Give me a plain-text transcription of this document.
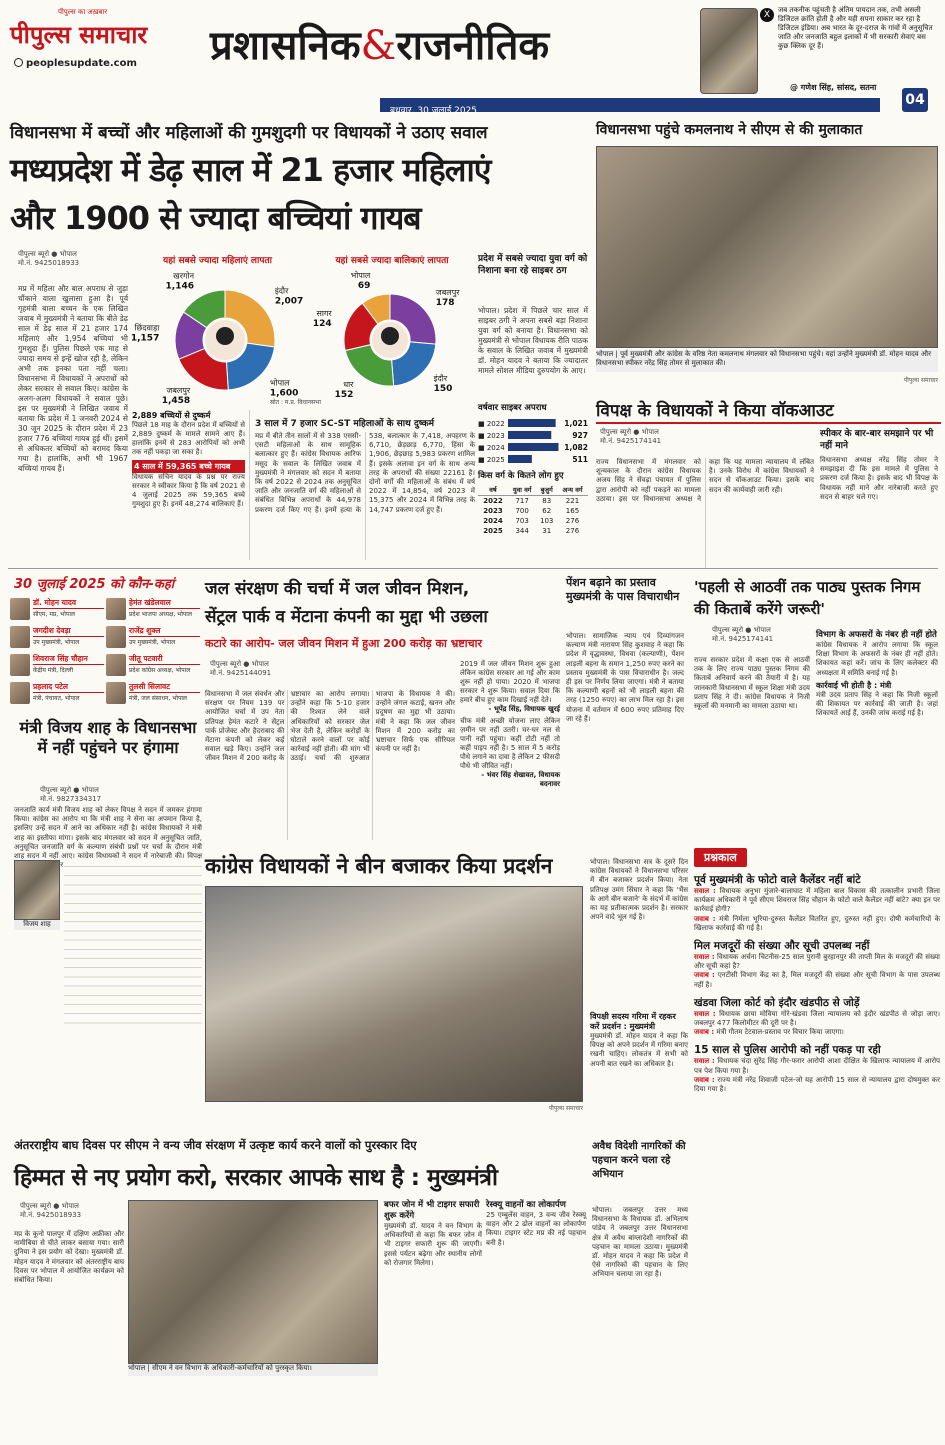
पीपुल्स का अख़बार
पीपुल्स समाचार
peoplesupdate.com प्रशासनिक&राजनीतिक
बुधवार, 30 जुलाई 2025
X	जब तकनीक पहुंचती है अंतिम पायदान तक, तभी असली डिजिटल क्रांति होती है और यही सपना साकार कर रहा है डिजिटल इंडिया। अब भारत के दूर-दराज के गांवों में अनुसूचित जाति और जनजाति बहुल इलाकों में भी सरकारी सेवाएं बस कुछ क्लिक दूर हैं।
@ गणेश सिंह, सांसद, सतना
04
विधानसभा में बच्चों और महिलाओं की गुमशुदगी पर विधायकों ने उठाए सवाल
मध्यप्रदेश में डेढ़ साल में 21 हजार महिलाएं
और 1900 से ज्यादा बच्चियां गायब
पीपुल्स ब्यूरो ● भोपाल
मो.नं. 9425018933
मप्र में महिला और बाल अपराध से जुड़ा चौंकाने वाला खुलासा हुआ है। पूर्व गृहमंत्री बाला बच्चन के एक लिखित जवाब में मुख्यमंत्री ने बताया कि बीते डेढ़ साल में डेढ़ साल में 21 हजार 174 महिलाएं और 1,954 बच्चियां भी गुमशुदा हैं। पुलिस पिछले एक माह से ज्यादा समय से इन्हें खोज रही है, लेकिन अभी तक इनका पता नहीं चला। विधानसभा में विधायकों ने अपराधों को लेकर सरकार से सवाल किए। कांग्रेस के अलग-अलग विधायकों ने सवाल पूछे। इस पर मुख्यमंत्री ने लिखित जवाब में बताया कि प्रदेश में 1 जनवरी 2024 से 30 जून 2025 के दौरान प्रदेश में 23 हजार 776 बच्चियां गायब हुई थीं। इसमें से अधिकतर बच्चियों को बरामद किया गया है। हालांकि, अभी भी 1967 बच्चियां गायब हैं।
यहां सबसे ज्यादा महिलाएं लापता
इंदौर
2,007
भोपाल
1,600
जबलपुर
1,458
छिंदवाड़ा
1,157
खरगोन
1,146
यहां सबसे ज्यादा बालिकाएं लापता
जबलपुर
178
इंदौर
150
धार
152
सागर
124
भोपाल
69
स्रोत : म.प्र. विधानसभा
प्रदेश में सबसे ज्यादा युवा वर्ग को निशाना बना रहे साइबर ठग
भोपाल। प्रदेश में पिछले चार साल में साइबर ठगी ने अपना सबसे बड़ा निशाना युवा वर्ग को बनाया है। विधानसभा को मुख्यमंत्री से भोपाल विधायक रीति पाठक के सवाल के लिखित जवाब में मुख्यमंत्री डॉ. मोहन यादव ने बताया कि ज्यादातर मामले सोशल मीडिया दुरुपयोग के आए।
वर्षवार साइबर अपराध
■ 2022	1,021
■ 2023	927
■ 2024	1,082
■ 2025	511
किस वर्ग के कितने लोग हुए
वर्ष	युवा वर्ग	बुजुर्ग	अन्य वर्ग
2022	717	83	221
2023	700	62	165
2024	703	103	276
2025	344	31	276
2,889 बच्चियों से दुष्कर्म
पिछले 18 माह के दौरान प्रदेश में बच्चियों से 2,889 दुष्कर्म के मामले सामने आए हैं। हालांकि इनमें से 283 आरोपियों को अभी तक नहीं पकड़ा जा सका है।
4 साल में 59,365 बच्चे गायब
विधायक सचिन यादव के प्रश्न पर राज्य सरकार ने स्वीकार किया है कि वर्ष 2021 से 4 जुलाई 2025 तक 59,365 बच्चे गुमशुदा हुए हैं। इनमें 48,274 बालिकाएं हैं।
3 साल में 7 हजार SC-ST महिलाओं के साथ दुष्कर्म
मप्र में बीते तीन सालों में से 338 एससी-एसटी महिलाओं के साथ सामूहिक बलात्कार हुए हैं। कांग्रेस विधायक आरिफ मसूद के सवाल के लिखित जवाब में मुख्यमंत्री ने मंगलवार को सदन में बताया कि वर्ष 2022 से 2024 तक अनुसूचित जाति और जनजाति वर्ग की महिलाओं से संबंधित विभिन्न अपराधों के 44,978 प्रकरण दर्ज किए गए हैं। इनमें हत्या के 538, बलात्कार के 7,418, अपहरण के 6,710, छेड़छाड़ 6,770, हिंसा के 1,906, छेड़छाड़ 5,983 प्रकरण शामिल हैं। इसके अलावा इन वर्ग के साथ अन्य तरह के अपराधों की संख्या 22161 है। दोनों वर्गों की महिलाओं के संबंध में वर्ष 2022 में 14,854, वर्ष 2023 में 15,375 और 2024 में विभिन्न तरह के 14,747 प्रकरण दर्ज हुए हैं।
विधानसभा पहुंचे कमलनाथ ने सीएम से की मुलाकात
भोपाल | पूर्व मुख्यमंत्री और कांग्रेस के वरिष्ठ नेता कमलनाथ मंगलवार को विधानसभा पहुंचे। यहां उन्होंने मुख्यमंत्री डॉ. मोहन यादव और विधानसभा स्पीकर नरेंद्र सिंह तोमर से मुलाकात की।
पीपुल्स समाचार
विपक्ष के विधायकों ने किया वॉकआउट
पीपुल्स ब्यूरो ● भोपाल
मो.नं. 9425174141
राज्य विधानसभा में मंगलवार को शून्यकाल के दौरान कांग्रेस विधायक अजय सिंह ने सेंवढ़ा पंचायत में पुलिस द्वारा आरोपी को नहीं पकड़ने का मामला उठाया। इस पर विधानसभा अध्यक्ष ने कहा कि यह मामला न्यायालय में लंबित है। उनके विरोध में कांग्रेस विधायकों ने सदन से वॉकआउट किया। इसके बाद सदन की कार्यवाही जारी रही।
स्पीकर के बार-बार समझाने पर भी नहीं माने
विधानसभा अध्यक्ष नरेंद्र सिंह तोमर ने समझाइश दी कि इस मामले में पुलिस ने प्रकरण दर्ज किया है। इसके बाद भी विपक्ष के विधायक नहीं माने और नारेबाजी करते हुए सदन से बाहर चले गए।
30 जुलाई 2025 को कौन-कहां
डॉ. मोहन यादव
सीएम, मप्र, भोपाल
हेमंत खंडेलवाल
प्रदेश भाजपा अध्यक्ष, भोपाल
जगदीश देवड़ा
उप मुख्यमंत्री, भोपाल
राजेंद्र शुक्ल
उप मुख्यमंत्री, भोपाल
शिवराज सिंह चौहान
केंद्रीय मंत्री, दिल्ली
जीतू पटवारी
प्रदेश कांग्रेस अध्यक्ष, भोपाल
प्रहलाद पटेल
मंत्री, पंचायत, भोपाल
तुलसी सिलावट
मंत्री, जल संसाधन, भोपाल
मंत्री विजय शाह के विधानसभा में नहीं पहुंचने पर हंगामा
पीपुल्स ब्यूरो ● भोपाल
मो.नं. 9827334317
जनजाति कार्य मंत्री विजय शाह को लेकर विपक्ष ने सदन में जमकर हंगामा किया। कांग्रेस का आरोप था कि मंत्री शाह ने सेना का अपमान किया है, इसलिए उन्हें सदन में आने का अधिकार नहीं है। कांग्रेस विधायकों ने मंत्री शाह का इस्तीफा मांगा। इसके बाद मंगलवार को सदन में अनुसूचित जाति, अनुसूचित जनजाति वर्ग के कल्याण संबंधी प्रश्नों पर चर्चा के दौरान मंत्री शाह सदन में नहीं आए। कांग्रेस विधायकों ने सदन में नारेबाजी की। विपक्ष
विजय शाह
जल संरक्षण की चर्चा में जल जीवन मिशन,
सेंट्रल पार्क व मेंटाना कंपनी का मुद्दा भी उछला
कटारे का आरोप- जल जीवन मिशन में हुआ 200 करोड़ का भ्रष्टाचार
पीपुल्स ब्यूरो ● भोपाल
मो.नं. 9425144091
विधानसभा में जल संवर्धन और संरक्षण पर नियम 139 पर आयोजित चर्चा में उप नेता प्रतिपक्ष हेमंत कटारे ने सेंट्रल पार्क प्रोजेक्ट और हैदराबाद की मेंटाना कंपनी को लेकर कई सवाल खड़े किए। उन्होंने जल जीवन मिशन में 200 करोड़ के भ्रष्टाचार का आरोप लगाया। उन्होंने कहा कि 5-10 हजार की रिश्वत लेने वाले अधिकारियों को सरकार जेल भेज देती है, लेकिन करोड़ों के घोटाले करने वालों पर कोई कार्रवाई नहीं होती। की मांग भी उठाई। चर्चा की शुरुआत भाजपा के विधायक ने की। उन्होंने जंगल कटाई, खनन और प्रदूषण का मुद्दा भी उठाया। मंत्री ने कहा कि जल जीवन मिशन में 200 करोड़ का भ्रष्टाचार सिर्फ एक सीरियल कंपनी पर नहीं है।
2019 में जल जीवन मिशन शुरू हुआ लेकिन कांग्रेस सरकार आ गई और काम शुरू नहीं हो पाया। 2020 में भाजपा सरकार ने शुरू किया। सवाल दिया कि हमारे बीच हुए काम दिखाई नहीं देते।
- भूपेंद्र सिंह, विधायक खुरई
चीफ मंत्री अच्छी योजना लाए लेकिन ज़मीन पर नहीं उतरी। घर-घर नल से पानी नहीं पहुंचा। कहीं टोटी नहीं तो कहीं पाइप नहीं है। 5 साल में 5 करोड़ पौधे लगाने का दावा है लेकिन 2 फीसदी पौधे भी जीवित नहीं।
- भंवर सिंह शेखावत, विधायक बदनावर
पेंशन बढ़ाने का प्रस्ताव मुख्यमंत्री के पास विचाराधीन
भोपाल। सामाजिक न्याय एवं दिव्यांगजन कल्याण मंत्री नारायण सिंह कुशवाह ने कहा कि प्रदेश में वृद्धावस्था, विधवा (कल्याणी), पेंशन लाड़ली बहना के समान 1,250 रुपए करने का प्रस्ताव मुख्यमंत्री के पास विचाराधीन है। जल्द ही इस पर निर्णय लिया जाएगा। मंत्री ने बताया कि कल्याणी बहनों को भी लाड़ली बहना की तरह (1250 रुपए) का लाभ मिल रहा है। इस योजना में वर्तमान में 600 रुपए प्रतिमाह दिए जा रहे हैं।
'पहली से आठवीं तक पाठ्य पुस्तक निगम की किताबें करेंगे जरूरी'
पीपुल्स ब्यूरो ● भोपाल
मो.नं. 9425174141
राज्य सरकार प्रदेश में कक्षा एक से आठवीं तक के लिए राज्य पाठ्य पुस्तक निगम की किताबें अनिवार्य करने की तैयारी में है। यह जानकारी विधानसभा में स्कूल शिक्षा मंत्री उदय प्रताप सिंह ने दी। कांग्रेस विधायक ने निजी स्कूलों की मनमानी का मामला उठाया था।
विभाग के अफसरों के नंबर ही नहीं होते
कांग्रेस विधायक ने आरोप लगाया कि स्कूल शिक्षा विभाग के अफसरों के नंबर ही नहीं होते। शिकायत कहां करें। जांच के लिए कलेक्टर की अध्यक्षता में समिति बनाई गई है।
कार्रवाई भी होती है : मंत्री
मंत्री उदय प्रताप सिंह ने कहा कि निजी स्कूलों की शिकायत पर कार्रवाई की जाती है। जहां शिकायतें आई हैं, उनकी जांच कराई गई है।
कांग्रेस विधायकों ने बीन बजाकर किया प्रदर्शन
पीपुल्स समाचार
भोपाल। विधानसभा सत्र के दूसरे दिन कांग्रेस विधायकों ने विधानसभा परिसर में बीन बजाकर प्रदर्शन किया। नेता प्रतिपक्ष उमंग सिंघार ने कहा कि 'भैंस के आगे बीन बजाने' के संदर्भ में कांग्रेस का यह प्रतीकात्मक प्रदर्शन है। सरकार अपने वादे भूल गई है।
विपक्षी सदस्य गरिमा में रहकर करें प्रदर्शन : मुख्यमंत्री
मुख्यमंत्री डॉ. मोहन यादव ने कहा कि विपक्ष को अपने प्रदर्शन में गरिमा बनाए रखनी चाहिए। लोकतंत्र में सभी को अपनी बात रखने का अधिकार है।
प्रश्नकाल
पूर्व मुख्यमंत्री के फोटो वाले कैलेंडर नहीं बांटे
सवाल : विधायक अनुभा मुंजारे-बालाघाट में महिला बाल विकास की तत्कालीन प्रभारी जिला कार्यक्रम अधिकारी ने पूर्व सीएम शिवराज सिंह चौहान के फोटो वाले कैलेंडर नहीं बांटे? क्या इन पर कार्रवाई होगी?
जवाब : मंत्री निर्मला भूरिया-दुरुस्त कैलेंडर वितरित हुए, दुरुस्त नहीं हुए। दोषी कर्मचारियों के खिलाफ कार्रवाई की गई है।
मिल मजदूरों की संख्या और सूची उपलब्ध नहीं
सवाल : विधायक अर्चना चिटनीस-25 साल पुरानी बुरहानपुर की ताप्ती मिल के मजदूरों की संख्या और सूची कहां है?
जवाब : एनटीसी विभाग केंद्र का है, मिल मजदूरों की संख्या और सूची विभाग के पास उपलब्ध नहीं है।
खंडवा जिला कोर्ट को इंदौर खंडपीठ से जोड़ें
सवाल : विधायक छाया मोविया गोरे-खंडवा जिला न्यायालय को इंदौर खंडपीठ से जोड़ा जाए। जबलपुर 477 किलोमीटर की दूरी पर है।
जवाब : मंत्री गौतम टेटवाल-प्रस्ताव पर विचार किया जाएगा।
15 साल से पुलिस आरोपी को नहीं पकड़ पा रही
सवाल : विधायक चंदा सुरेंद्र सिंह गौर-फरार आरोपी आशा दीक्षित के खिलाफ न्यायालय में आरोप पत्र पेश किया गया है।
जवाब : राज्य मंत्री नरेंद्र शिवाजी पटेल-जो यह आरोपी 15 साल से न्यायालय द्वारा दोषमुक्त कर दिया गया है।
अवैध विदेशी नागरिकों की पहचान करने चला रहे अभियान
भोपाल। जबलपुर उत्तर मध्य विधानसभा के विधायक डॉ. अभिलाष पांडेय ने जबलपुर उत्तर विधानसभा क्षेत्र में अवैध बांग्लादेशी नागरिकों की पहचान का मामला उठाया। मुख्यमंत्री डॉ. मोहन यादव ने कहा कि प्रदेश में ऐसे नागरिकों की पहचान के लिए अभियान चलाया जा रहा है।
अंतरराष्ट्रीय बाघ दिवस पर सीएम ने वन्य जीव संरक्षण में उत्कृष्ट कार्य करने वालों को पुरस्कार दिए
हिम्मत से नए प्रयोग करो, सरकार आपके साथ है : मुख्यमंत्री
पीपुल्स ब्यूरो ● भोपाल
मो.नं. 9425018933
मप्र के कूनो पालपुर में दक्षिण अफ्रीका और नामीबिया से चीते लाकर बसाया गया। सारी दुनिया ने इस प्रयोग को देखा। मुख्यमंत्री डॉ. मोहन यादव ने मंगलवार को अंतरराष्ट्रीय बाघ दिवस पर भोपाल में आयोजित कार्यक्रम को संबोधित किया।
भोपाल | सीएम ने वन विभाग के अधिकारी-कर्मचारियों को पुरस्कृत किया।
बफर जोन में भी टाइगर सफारी शुरू करेंगे
मुख्यमंत्री डॉ. यादव ने वन विभाग के अधिकारियों से कहा कि बफर जोन में भी टाइगर सफारी शुरू की जाएगी। इससे पर्यटन बढ़ेगा और स्थानीय लोगों को रोजगार मिलेगा।
रेस्क्यू वाहनों का लोकार्पण
25 एम्बुलेंस वाहन, 3 वन्य जीव रेस्क्यू वाहन और 2 ढोल वाहनों का लोकार्पण किया। टाइगर स्टेट मप्र की नई पहचान बनी है।
